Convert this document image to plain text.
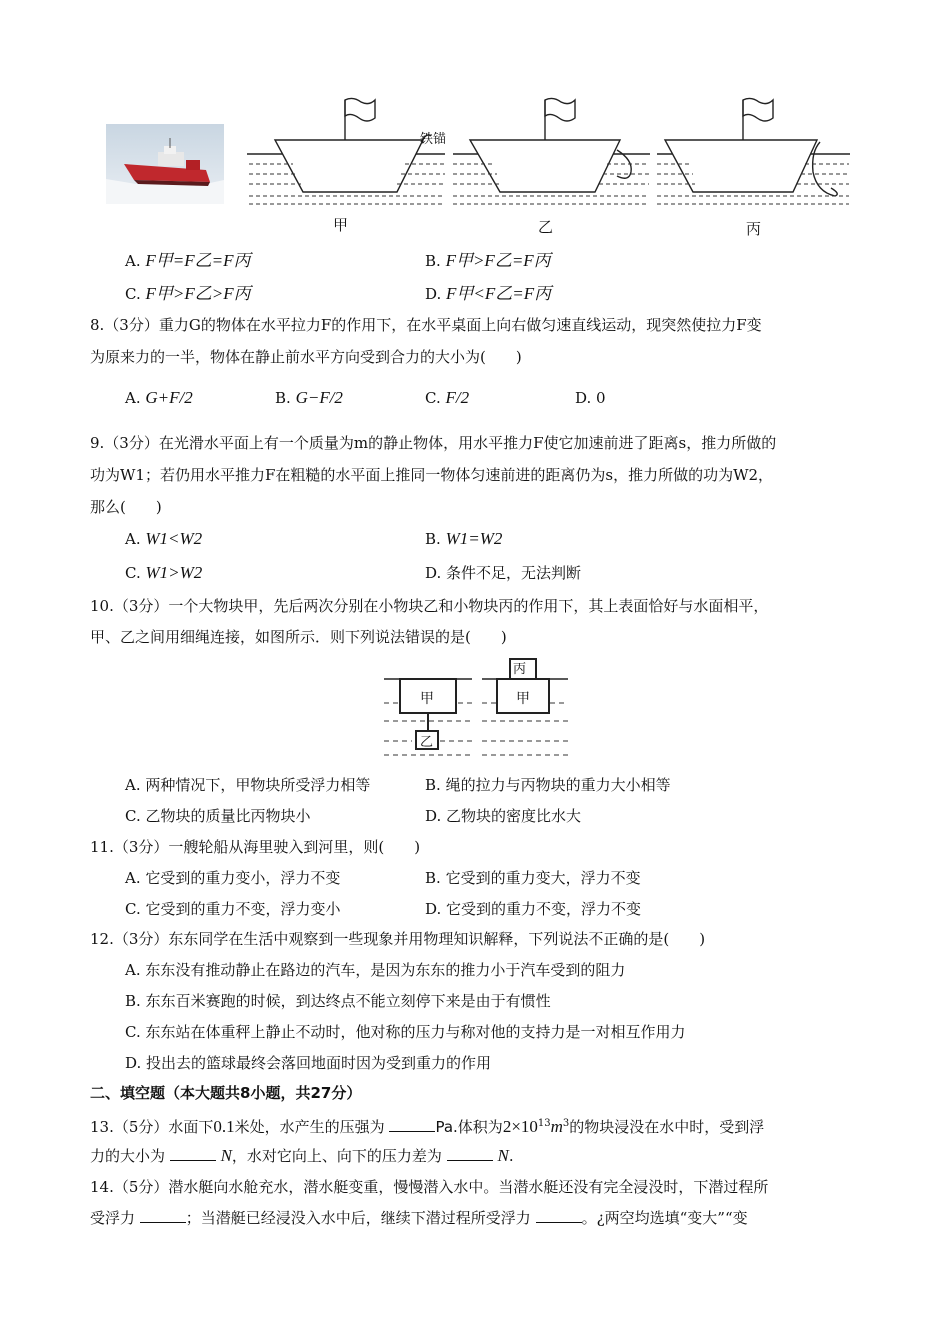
铁锚
甲	乙	丙
A. F甲=F乙=F丙	B. F甲>F乙=F丙
C. F甲>F乙>F丙	D. F甲<F乙=F丙
8.（3分）重力G的物体在水平拉力F的作用下，在水平桌面上向右做匀速直线运动，现突然使拉力F变
为原来力的一半，物体在静止前水平方向受到合力的大小为(　　)
A. G+F/2	B. G−F/2	C. F/2	D. 0
9.（3分）在光滑水平面上有一个质量为m的静止物体，用水平推力F使它加速前进了距离s，推力所做的
功为W1；若仍用水平推力F在粗糙的水平面上推同一物体匀速前进的距离仍为s，推力所做的功为W2，
那么(　　)
A. W1<W2	B. W1=W2
C. W1>W2	D. 条件不足，无法判断
10.（3分）一个大物块甲，先后两次分别在小物块乙和小物块丙的作用下，其上表面恰好与水面相平，
甲、乙之间用细绳连接，如图所示．则下列说法错误的是(　　)
甲
乙
丙
甲
A. 两种情况下，甲物块所受浮力相等	B. 绳的拉力与丙物块的重力大小相等
C. 乙物块的质量比丙物块小	D. 乙物块的密度比水大
11.（3分）一艘轮船从海里驶入到河里，则(　　)
A. 它受到的重力变小，浮力不变	B. 它受到的重力变大，浮力不变
C. 它受到的重力不变，浮力变小	D. 它受到的重力不变，浮力不变
12.（3分）东东同学在生活中观察到一些现象并用物理知识解释，下列说法不正确的是(　　)
A. 东东没有推动静止在路边的汽车，是因为东东的推力小于汽车受到的阻力
B. 东东百米赛跑的时候，到达终点不能立刻停下来是由于有惯性
C. 东东站在体重秤上静止不动时，他对称的压力与称对他的支持力是一对相互作用力
D. 投出去的篮球最终会落回地面时因为受到重力的作用
二、填空题（本大题共8小题，共27分）
13.（5分）水面下0.1米处，水产生的压强为	Pa.体积为$2\times 10^{13}m^3$的物块浸没在水中时，受到浮
力的大小为	N，水对它向上、向下的压力差为	N.
14.（5分）潜水艇向水舱充水，潜水艇变重，慢慢潜入水中。当潜水艇还没有完全浸没时，下潜过程所
受浮力	；当潜艇已经浸没入水中后，继续下潜过程所受浮力	。¿两空均选填“变大”“变
